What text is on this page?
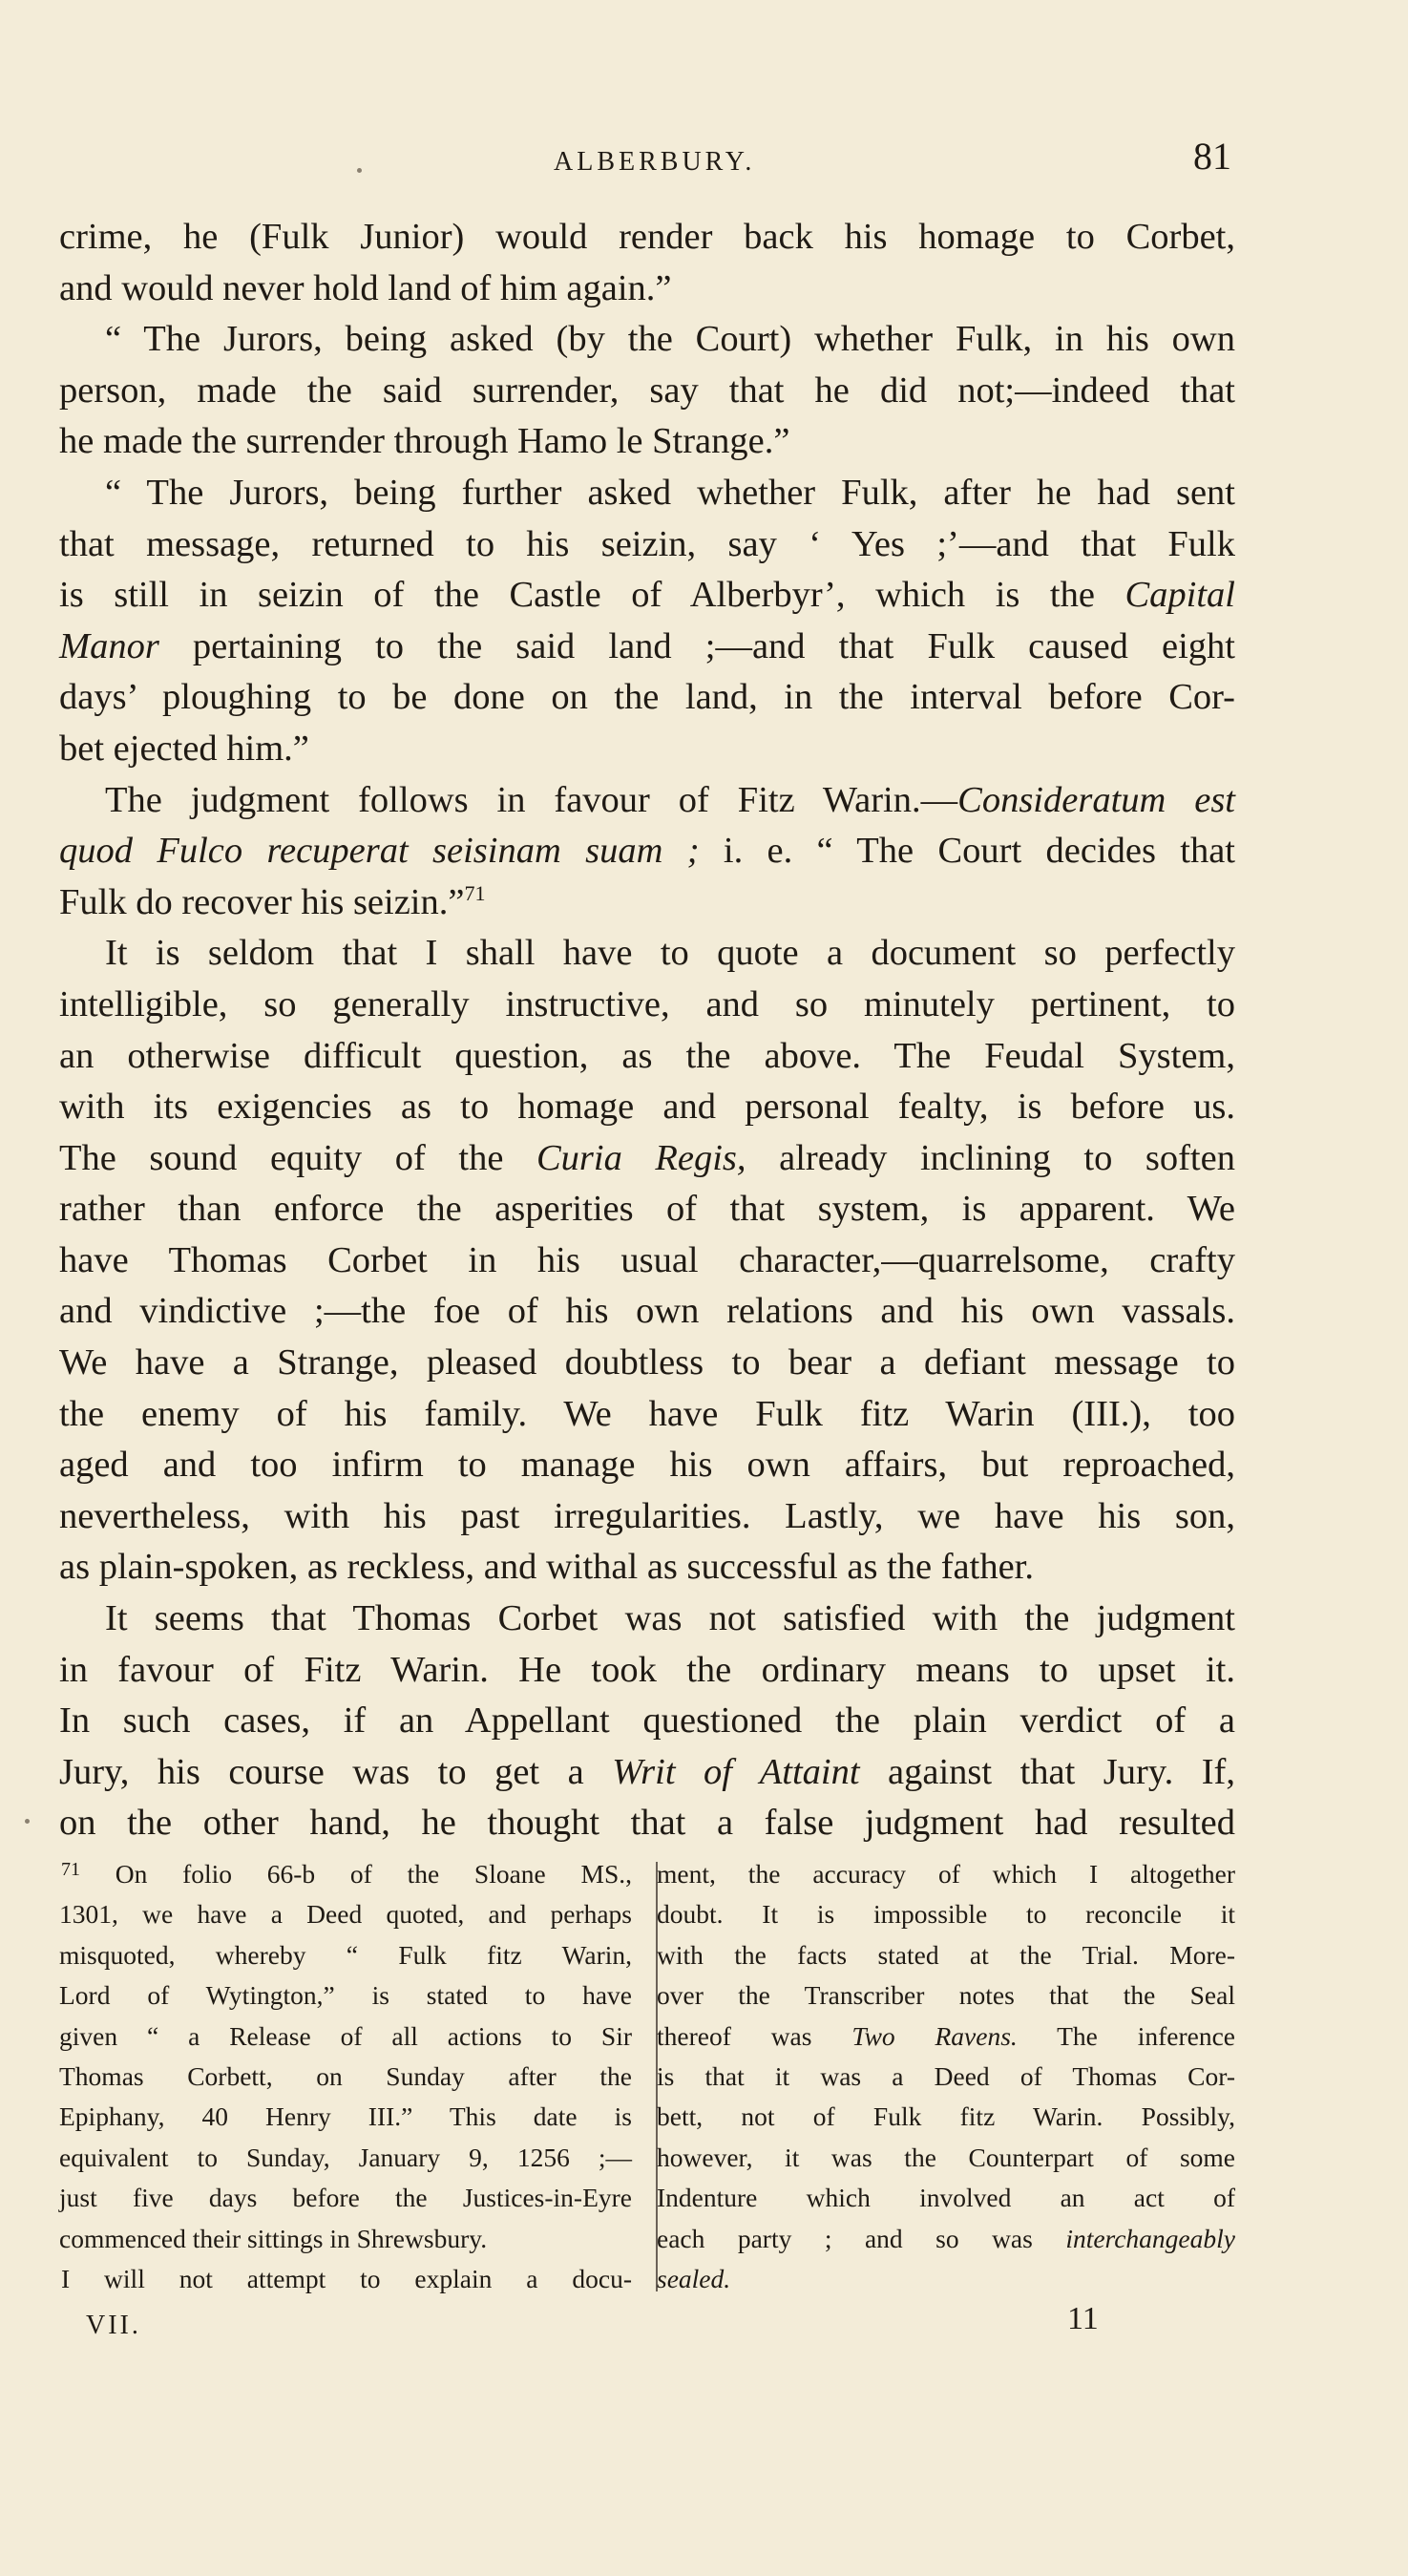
ALBERBURY.	81
crime, he (Fulk Junior) would render back his homage to Corbet,
and would never hold land of him again.”
“ The Jurors, being asked (by the Court) whether Fulk, in his own
person, made the said surrender, say that he did not;—indeed that
he made the surrender through Hamo le Strange.”
“ The Jurors, being further asked whether Fulk, after he had sent
that message, returned to his seizin, say ‘ Yes ;’—and that Fulk
is still in seizin of the Castle of Alberbyr’, which is the Capital
Manor pertaining to the said land ;—and that Fulk caused eight
days’ ploughing to be done on the land, in the interval before Cor-
bet ejected him.”
The judgment follows in favour of Fitz Warin.—Consideratum est
quod Fulco recuperat seisinam suam ; i. e. “ The Court decides that
Fulk do recover his seizin.”$^{71}$
It is seldom that I shall have to quote a document so perfectly
intelligible, so generally instructive, and so minutely pertinent, to
an otherwise difficult question, as the above. The Feudal System,
with its exigencies as to homage and personal fealty, is before us.
The sound equity of the Curia Regis, already inclining to soften
rather than enforce the asperities of that system, is apparent. We
have Thomas Corbet in his usual character,—quarrelsome, crafty
and vindictive ;—the foe of his own relations and his own vassals.
We have a Strange, pleased doubtless to bear a defiant message to
the enemy of his family. We have Fulk fitz Warin (III.), too
aged and too infirm to manage his own affairs, but reproached,
nevertheless, with his past irregularities. Lastly, we have his son,
as plain-spoken, as reckless, and withal as successful as the father.
It seems that Thomas Corbet was not satisfied with the judgment
in favour of Fitz Warin. He took the ordinary means to upset it.
In such cases, if an Appellant questioned the plain verdict of a
Jury, his course was to get a Writ of Attaint against that Jury. If,
on the other hand, he thought that a false judgment had resulted
$^{71}$ On folio 66-b of the Sloane MS.,
1301, we have a Deed quoted, and perhaps
misquoted, whereby “ Fulk fitz Warin,
Lord of Wytington,” is stated to have
given “ a Release of all actions to Sir
Thomas Corbett, on Sunday after the
Epiphany, 40 Henry III.” This date is
equivalent to Sunday, January 9, 1256 ;—
just five days before the Justices-in-Eyre
commenced their sittings in Shrewsbury.
I will not attempt to explain a docu-
ment, the accuracy of which I altogether
doubt. It is impossible to reconcile it
with the facts stated at the Trial. More-
over the Transcriber notes that the Seal
thereof was Two Ravens. The inference
is that it was a Deed of Thomas Cor-
bett, not of Fulk fitz Warin. Possibly,
however, it was the Counterpart of some
Indenture which involved an act of
each party ; and so was interchangeably
sealed.
VII.	11
